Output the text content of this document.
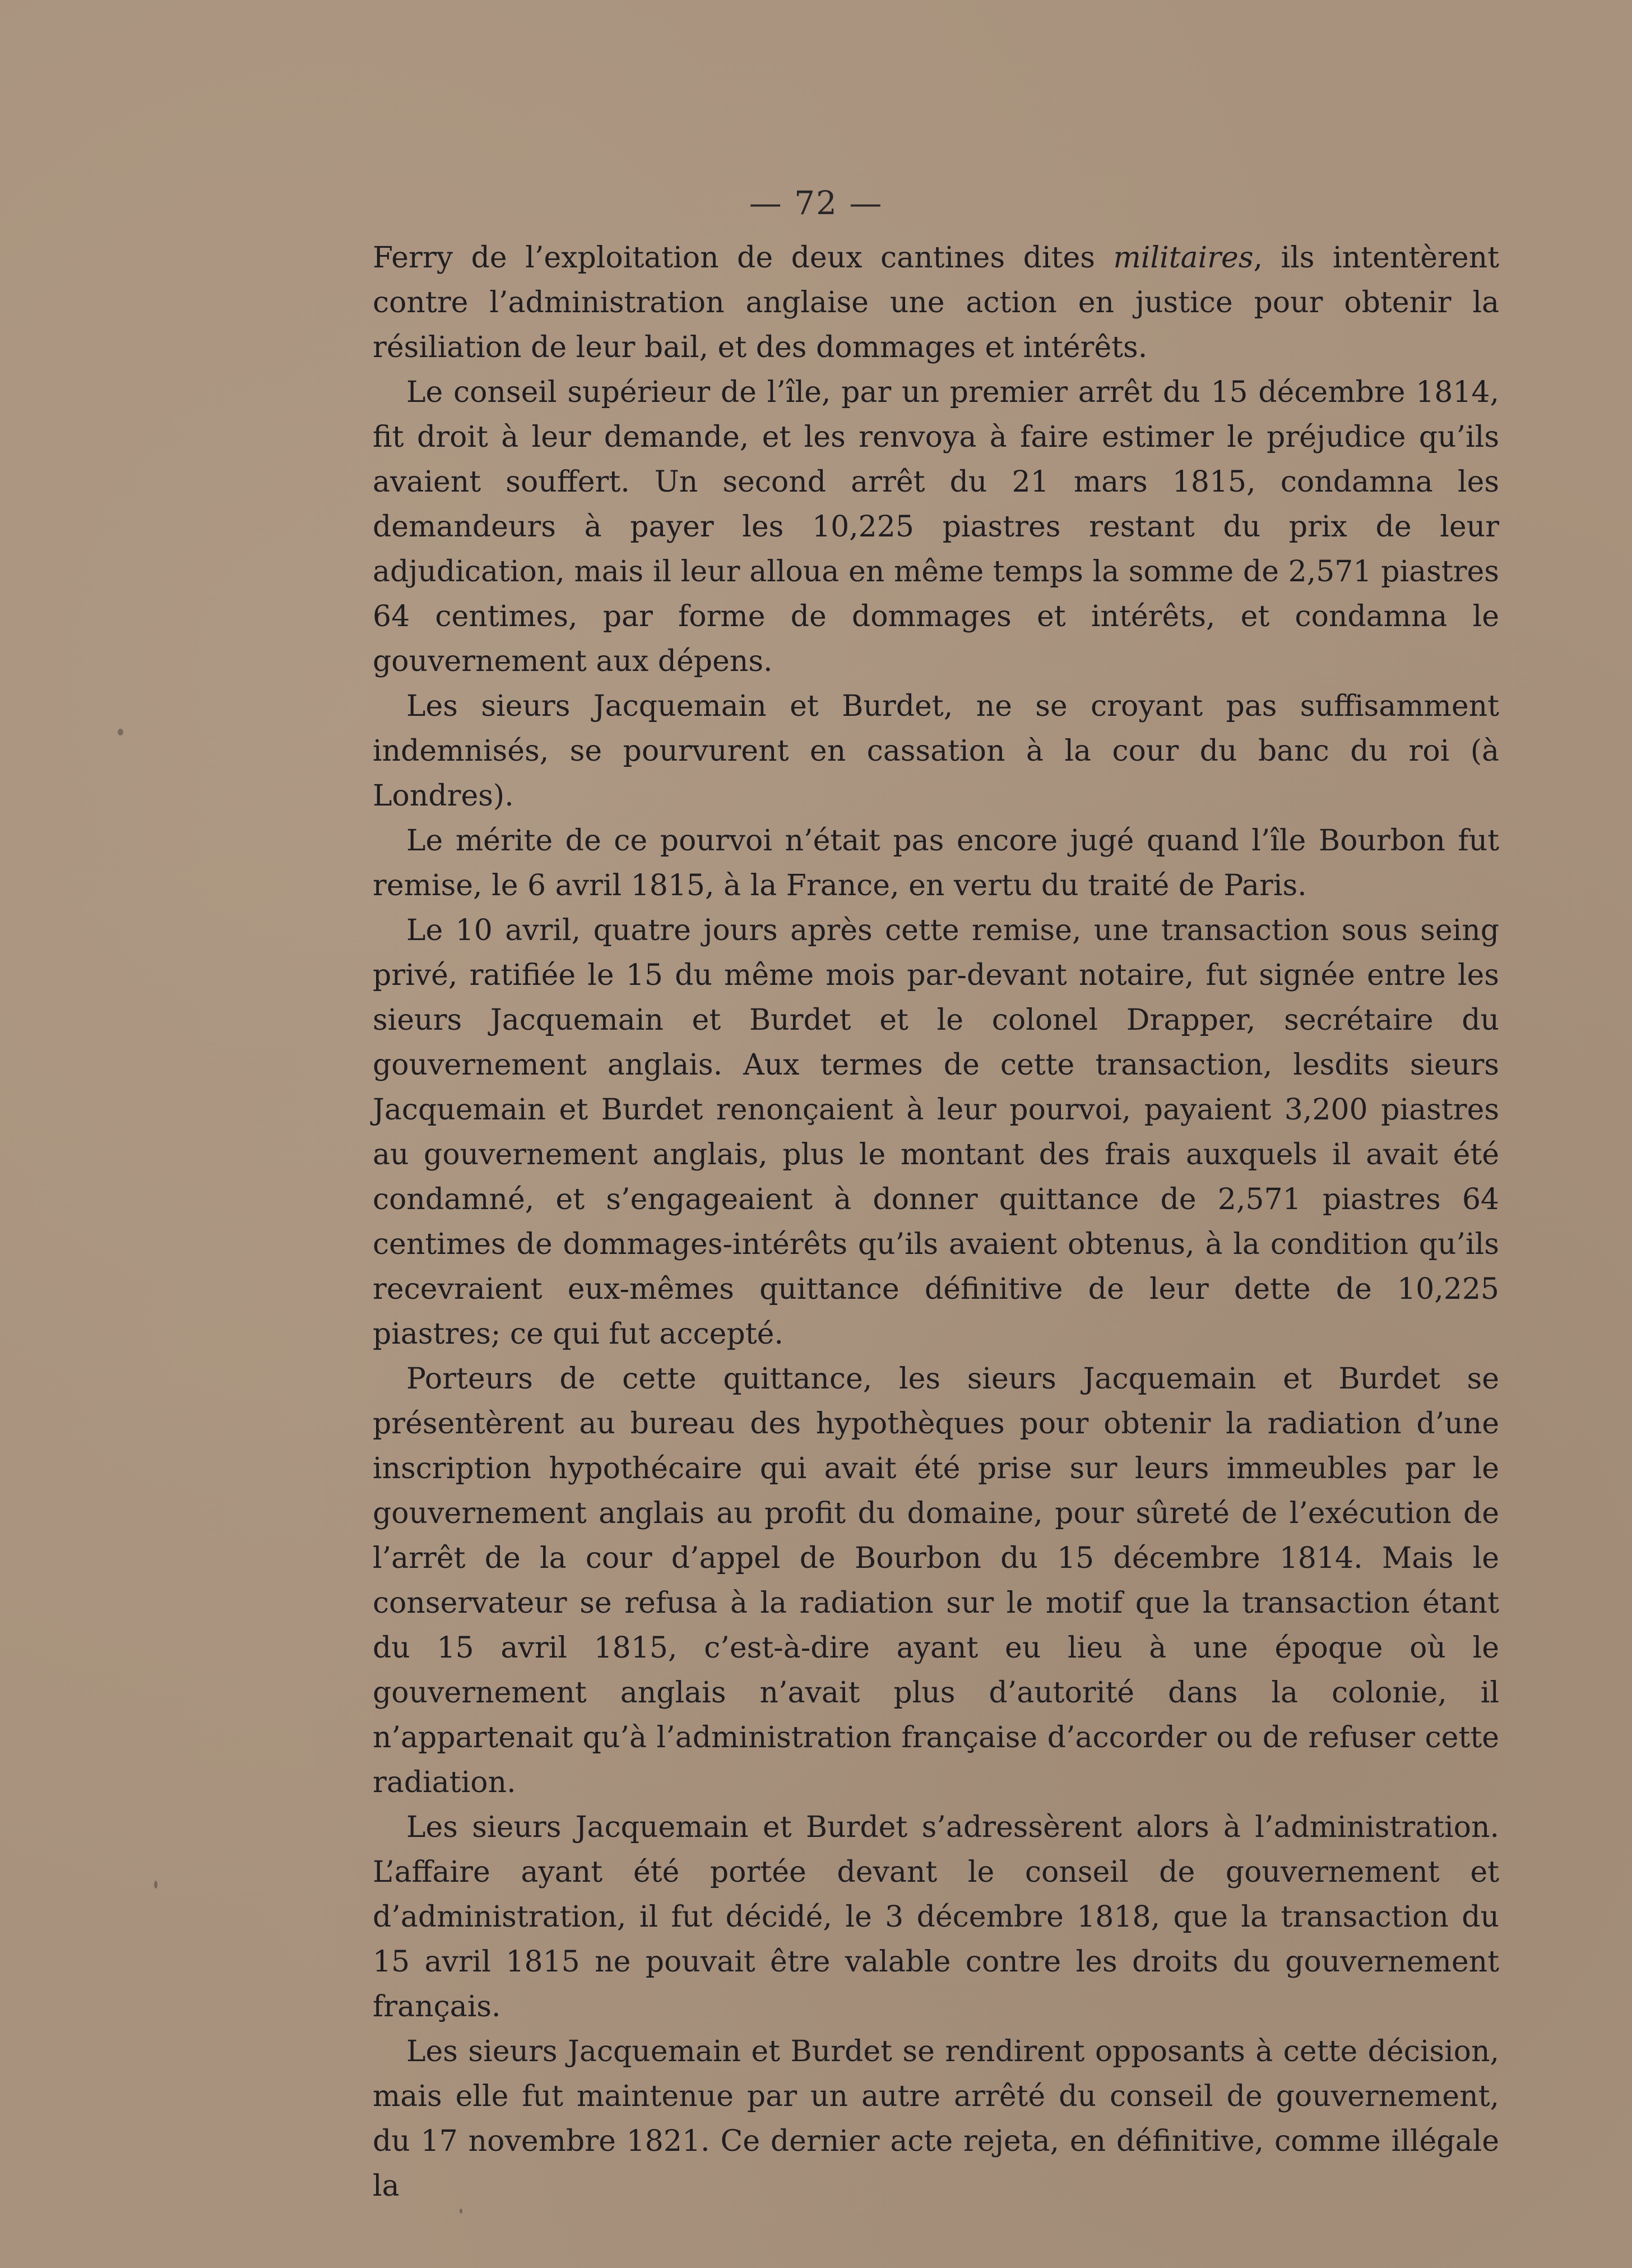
— 72 —

Ferry de l’exploitation de deux cantines dites militaires, ils intentèrent contre l’administration anglaise une action en justice pour obtenir la résiliation de leur bail, et des dommages et intérêts.

Le conseil supérieur de l’île, par un premier arrêt du 15 décembre 1814, fit droit à leur demande, et les renvoya à faire estimer le préjudice qu’ils avaient souffert. Un second arrêt du 21 mars 1815, condamna les demandeurs à payer les 10,225 piastres restant du prix de leur adjudication, mais il leur alloua en même temps la somme de 2,571 piastres 64 centimes, par forme de dommages et intérêts, et condamna le gouvernement aux dépens.

Les sieurs Jacquemain et Burdet, ne se croyant pas suffisamment indemnisés, se pourvurent en cassation à la cour du banc du roi (à Londres).

Le mérite de ce pourvoi n’était pas encore jugé quand l’île Bourbon fut remise, le 6 avril 1815, à la France, en vertu du traité de Paris.

Le 10 avril, quatre jours après cette remise, une transaction sous seing privé, ratifiée le 15 du même mois par-devant notaire, fut signée entre les sieurs Jacquemain et Burdet et le colonel Drapper, secrétaire du gouvernement anglais. Aux termes de cette transaction, lesdits sieurs Jacquemain et Burdet renonçaient à leur pourvoi, payaient 3,200 piastres au gouvernement anglais, plus le montant des frais auxquels il avait été condamné, et s’engageaient à donner quittance de 2,571 piastres 64 centimes de dommages-intérêts qu’ils avaient obtenus, à la condition qu’ils recevraient eux-mêmes quittance définitive de leur dette de 10,225 piastres; ce qui fut accepté.

Porteurs de cette quittance, les sieurs Jacquemain et Burdet se présentèrent au bureau des hypothèques pour obtenir la radiation d’une inscription hypothécaire qui avait été prise sur leurs immeubles par le gouvernement anglais au profit du domaine, pour sûreté de l’exécution de l’arrêt de la cour d’appel de Bourbon du 15 décembre 1814. Mais le conservateur se refusa à la radiation sur le motif que la transaction étant du 15 avril 1815, c’est-à-dire ayant eu lieu à une époque où le gouvernement anglais n’avait plus d’autorité dans la colonie, il n’appartenait qu’à l’administration française d’accorder ou de refuser cette radiation.

Les sieurs Jacquemain et Burdet s’adressèrent alors à l’administration. L’affaire ayant été portée devant le conseil de gouvernement et d’administration, il fut décidé, le 3 décembre 1818, que la transaction du 15 avril 1815 ne pouvait être valable contre les droits du gouvernement français.

Les sieurs Jacquemain et Burdet se rendirent opposants à cette décision, mais elle fut maintenue par un autre arrêté du conseil de gouvernement, du 17 novembre 1821. Ce dernier acte rejeta, en définitive, comme illégale la
